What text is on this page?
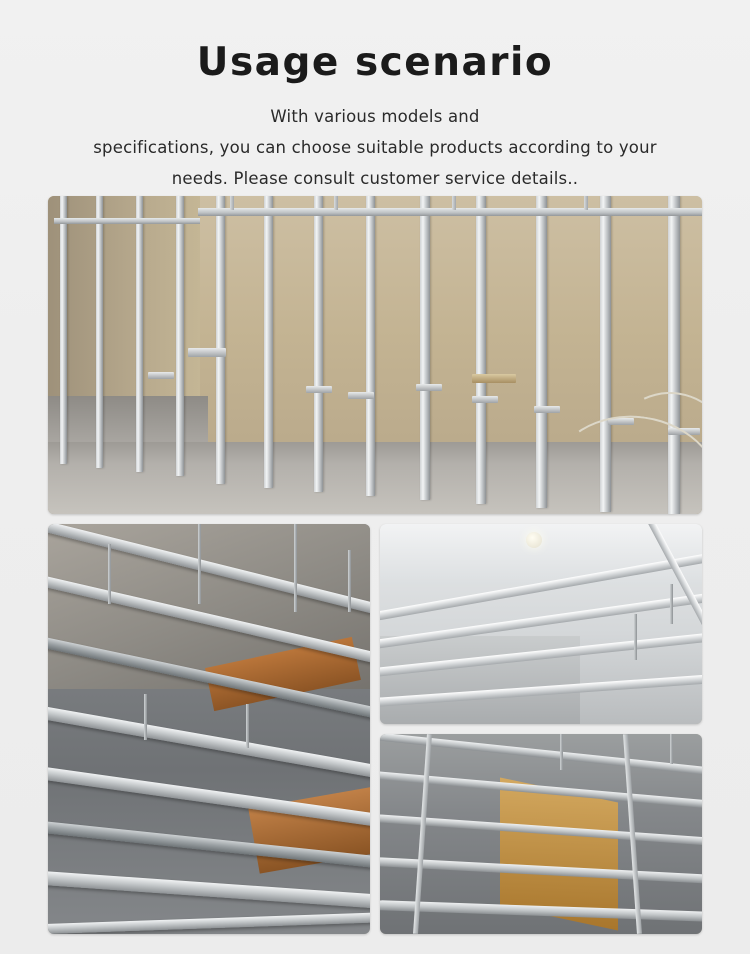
Usage scenario
With various models and
specifications, you can choose suitable products according to your
needs. Please consult customer service details..
